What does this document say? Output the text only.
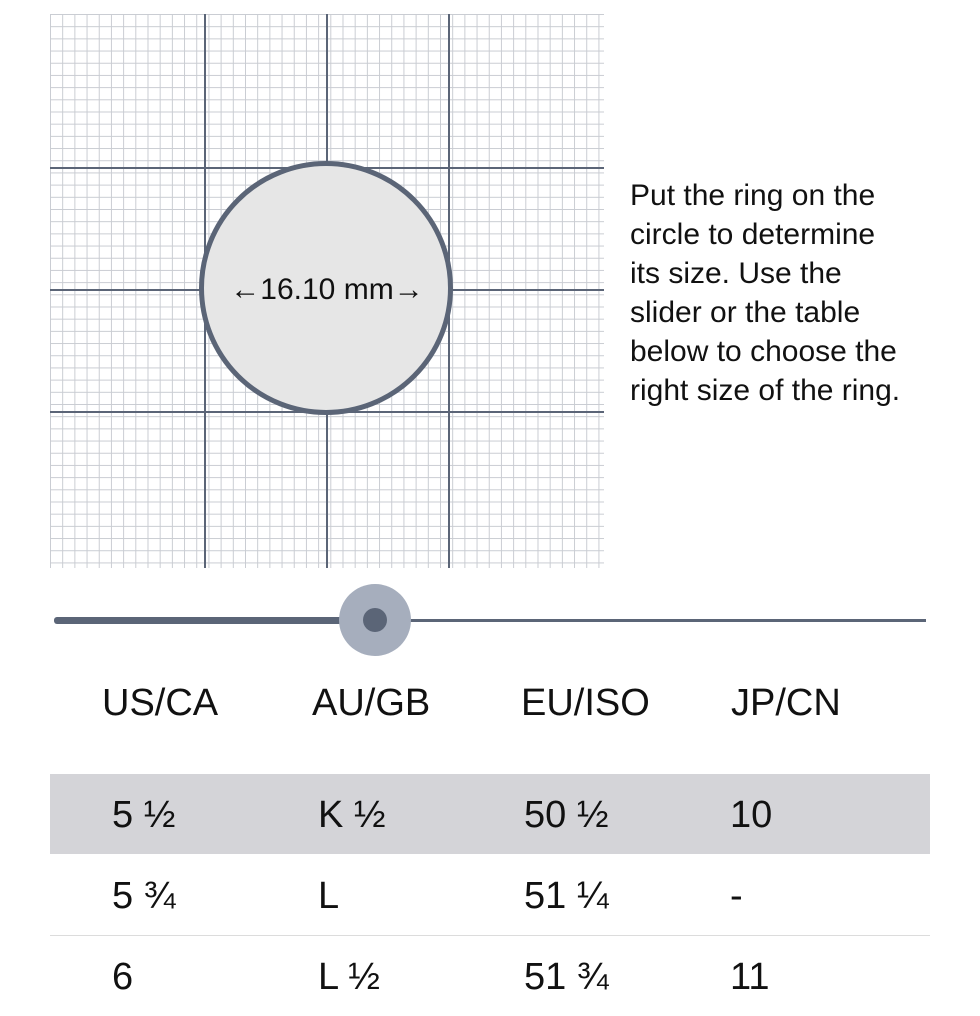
←16.10 mm→
Put the ring on the
circle to determine
its size. Use the
slider or the table
below to choose the
right size of the ring.
US/CA AU/GB EU/ISO JP/CN
5 ½	K ½	50 ½	10
5 ¾	L	51 ¼	-
6	L ½	51 ¾	11
